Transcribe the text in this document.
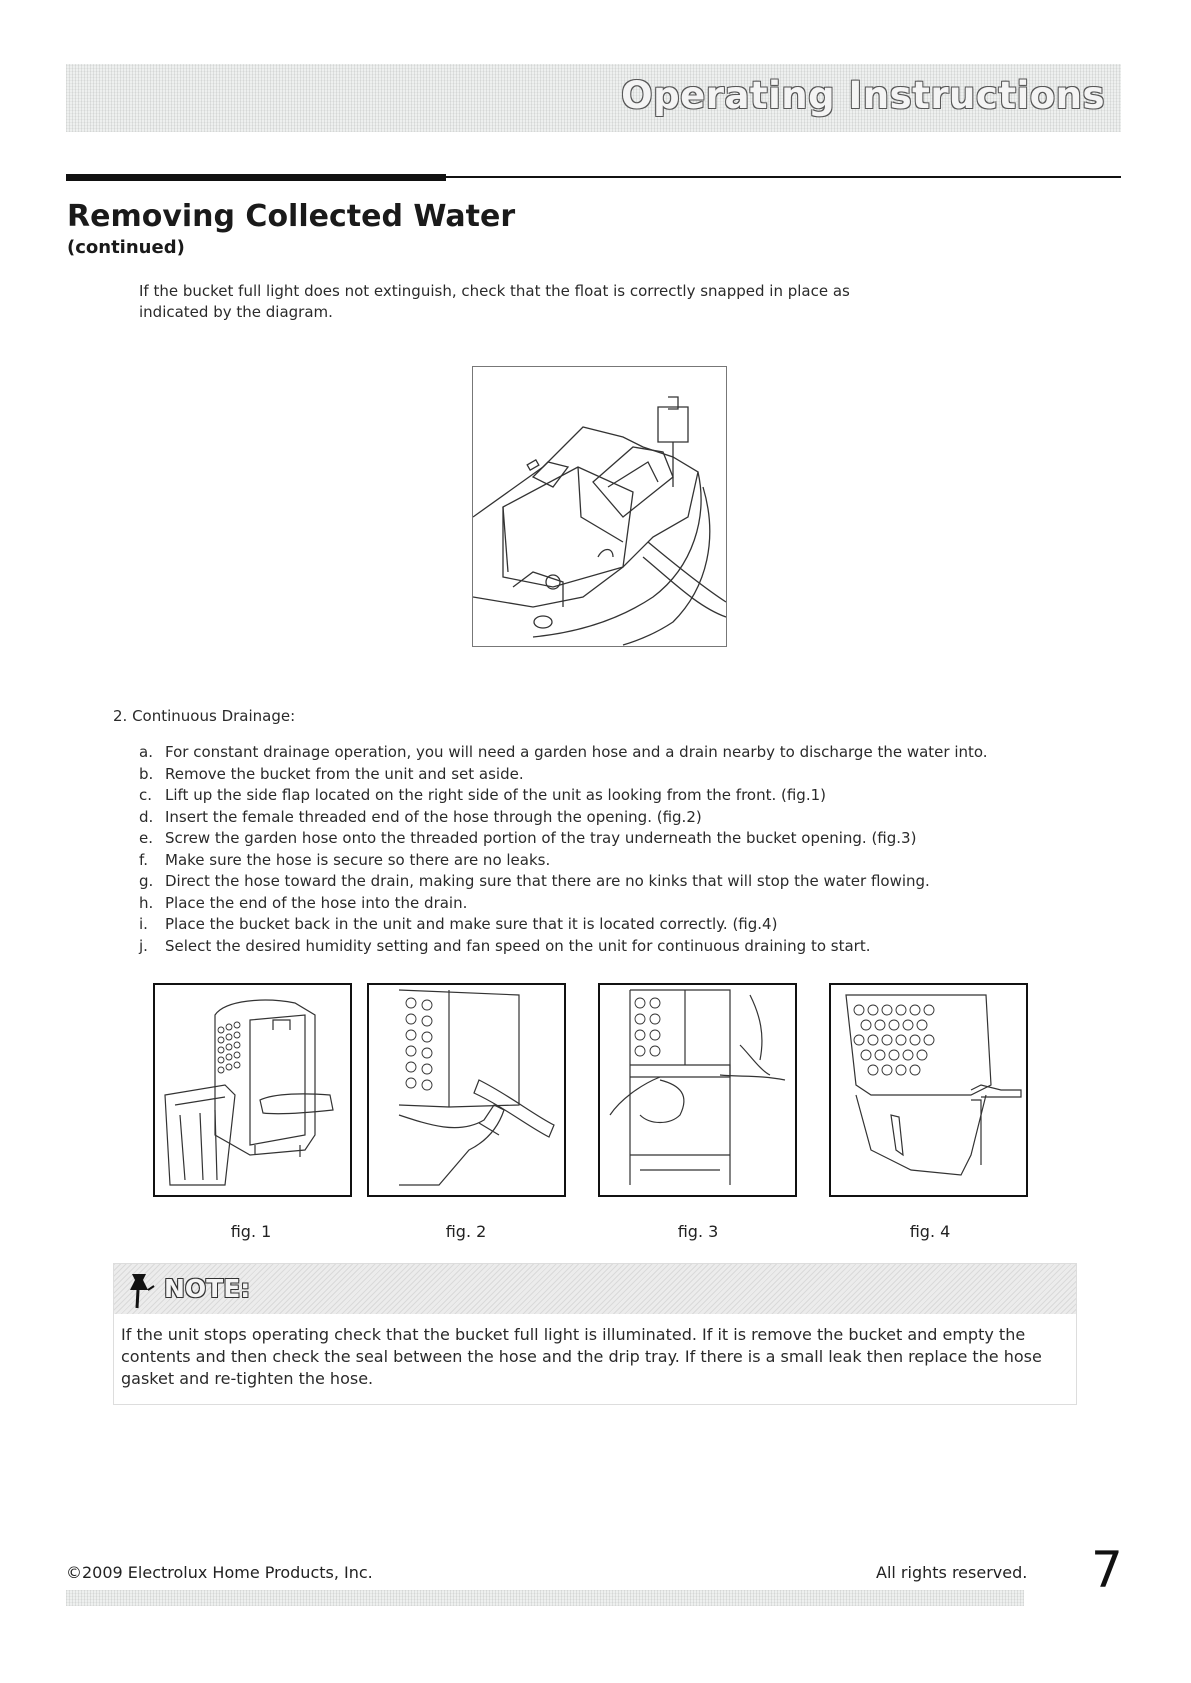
Operating Instructions
Removing Collected Water
(continued)

If the bucket full light does not extinguish, check that the float is correctly snapped in place as indicated by the diagram.

2. Continuous Drainage:
a. For constant drainage operation, you will need a garden hose and a drain nearby to discharge the water into.
b. Remove the bucket from the unit and set aside.
c. Lift up the side flap located on the right side of the unit as looking from the front. (fig.1)
d. Insert the female threaded end of the hose through the opening. (fig.2)
e. Screw the garden hose onto the threaded portion of the tray underneath the bucket opening. (fig.3)
f.	Make sure the hose is secure so there are no leaks.
g. Direct the hose toward the drain, making sure that there are no kinks that will stop the water flowing.
h. Place the end of the hose into the drain.
i.	Place the bucket back in the unit and make sure that it is located correctly. (fig.4)
j.	Select the desired humidity setting and fan speed on the unit for continuous draining to start.
fig. 1	fig. 2	fig. 3	fig. 4
NOTE:

If the unit stops operating check that the bucket full light is illuminated. If it is remove the bucket and empty the contents and then check the seal between the hose and the drip tray. If there is a small leak then replace the hose gasket and re-tighten the hose.

©2009 Electrolux Home Products, Inc.	All rights reserved. 7
